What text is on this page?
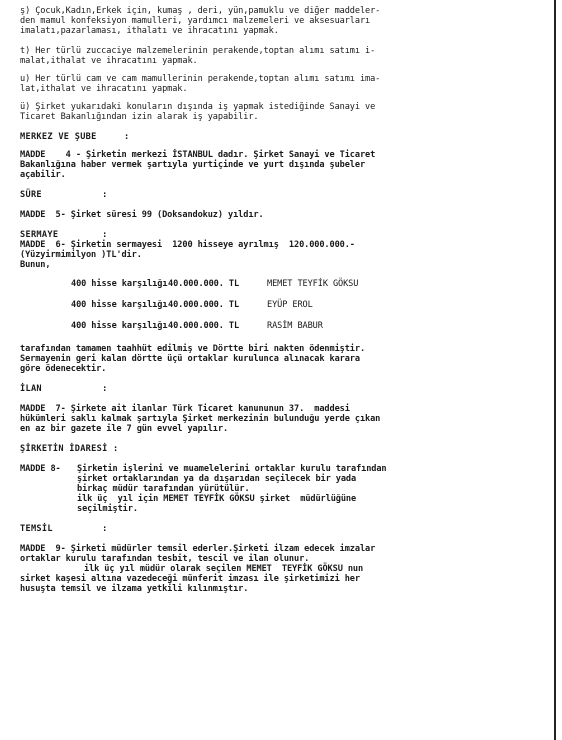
ş) Çocuk,Kadın,Erkek için, kumaş , deri, yün,pamuklu ve diğer maddeler-
den mamul konfeksiyon mamulleri, yardımcı malzemeleri ve aksesuarları
imalatı,pazarlaması, ithalatı ve ihracatını yapmak.

t) Her türlü zuccaciye malzemelerinin perakende,toptan alımı satımı i-
malat,ithalat ve ihracatını yapmak.

u) Her türlü cam ve cam mamullerinin perakende,toptan alımı satımı ima-
lat,ithalat ve ihracatını yapmak.

ü) Şirket yukarıdaki konuların dışında iş yapmak istediğinde Sanayi ve
Ticaret Bakanlığından izin alarak iş yapabilir.

MERKEZ VE ŞUBE     :

MADDE    4 - Şirketin merkezi İSTANBUL dadır. Şirket Sanayi ve Ticaret
Bakanlığına haber vermek şartıyla yurtiçinde ve yurt dışında şubeler
açabilir.

SÜRE           :

MADDE  5- Şirket süresi 99 (Doksandokuz) yıldır.

SERMAYE        :

MADDE  6- Şirketin sermayesi  1200 hisseye ayrılmış  120.000.000.-
(Yüzyirmimilyon )TL'dir.
Bunun,

400 hisse karşılığı 40.000.000. TL	MEMET TEYFİK GÖKSU
400 hisse karşılığı 40.000.000. TL	EYÜP EROL
400 hisse karşılığı 40.000.000. TL	RASİM BABUR

tarafından tamamen taahhüt edilmiş ve Dörtte biri nakten ödenmiştir.
Sermayenin geri kalan dörtte üçü ortaklar kurulunca alınacak karara
göre ödenecektir.

İLAN           :

MADDE  7- Şirkete ait ilanlar Türk Ticaret kanununun 37.  maddesi
hükümleri saklı kalmak şartıyla Şirket merkezinin bulunduğu yerde çıkan
en az bir gazete ile 7 gün evvel yapılır.

ŞİRKETİN İDARESİ :

MADDE 8-	Şirketin işlerini ve muamelelerini ortaklar kurulu tarafından
şirket ortaklarından ya da dışarıdan seçilecek bir yada
birkaç müdür tarafından yürütülür.
ilk üç  yıl için MEMET TEYFİK GÖKSU şirket  müdürlüğüne
seçilmiştir.

TEMSİL         :

MADDE  9- Şirketi müdürler temsil ederler.Şirketi ilzam edecek imzalar
ortaklar kurulu tarafından tesbit, tescil ve ilan olunur.

ilk üç yıl müdür olarak seçilen MEMET  TEYFİK GÖKSU nun

sirket kaşesi altına vazedeceği münferit imzası ile şirketimizi her
husuşta temsil ve ilzama yetkili kılınmıştır.
